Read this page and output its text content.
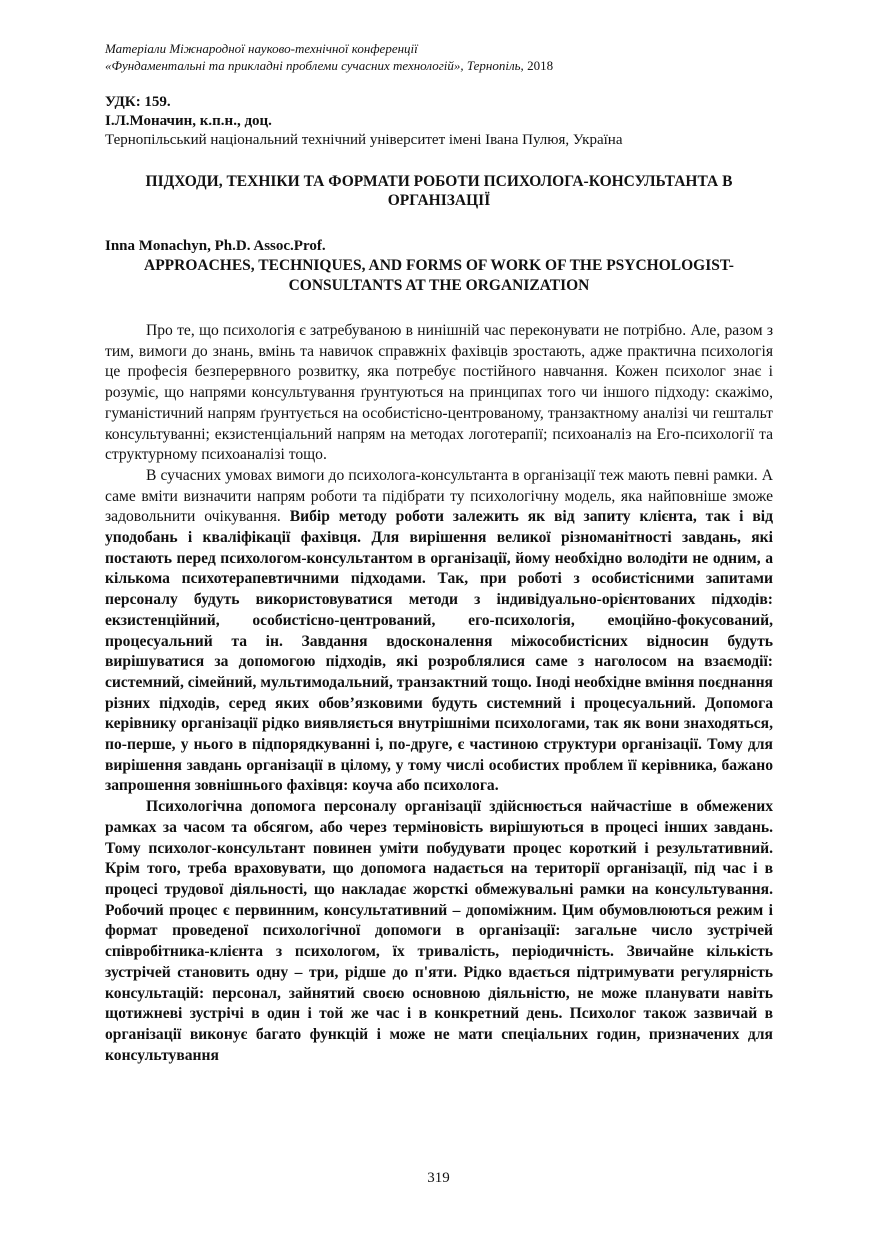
Матеріали Міжнародної науково-технічної конференції
«Фундаментальні та прикладні проблеми сучасних технологій», Тернопіль, 2018
УДК: 159.
І.Л.Моначин, к.п.н., доц.
Тернопільський національний технічний університет імені Івана Пулюя, Україна
ПІДХОДИ, ТЕХНІКИ ТА ФОРМАТИ РОБОТИ ПСИХОЛОГА-КОНСУЛЬТАНТА В ОРГАНІЗАЦІЇ
Inna Monachyn, Ph.D. Assoc.Prof.
APPROACHES, TECHNIQUES, AND FORMS OF WORK OF THE PSYCHOLOGIST-CONSULTANTS AT THE ORGANIZATION

Про те, що психологія є затребуваною в нинішній час переконувати не потрібно. Але, разом з тим, вимоги до знань, вмінь та навичок справжніх фахівців зростають, адже практична психологія це професія безперервного розвитку, яка потребує постійного навчання. Кожен психолог знає і розуміє, що напрями консультування ґрунтуються на принципах того чи іншого підходу: скажімо, гуманістичний напрям ґрунтується на особистісно-центрованому, транзактному аналізі чи гештальт консультуванні; екзистенціальний напрям на методах логотерапії; психоаналіз на Его-психології та структурному психоаналізі тощо.

В сучасних умовах вимоги до психолога-консультанта в організації теж мають певні рамки. А саме вміти визначити напрям роботи та підібрати ту психологічну модель, яка найповніше зможе задовольнити очікування. Вибір методу роботи залежить як від запиту клієнта, так і від уподобань і кваліфікації фахівця. Для вирішення великої різноманітності завдань, які постають перед психологом-консультантом в організації, йому необхідно володіти не одним, а кількома психотерапевтичними підходами. Так, при роботі з особистісними запитами персоналу будуть використовуватися методи з індивідуально-орієнтованих підходів: екзистенційний, особистісно-центрований, его-психологія, емоційно-фокусований, процесуальний та ін. Завдання вдосконалення міжособистісних відносин будуть вирішуватися за допомогою підходів, які розроблялися саме з наголосом на взаємодії: системний, сімейний, мультимодальний, транзактний тощо. Іноді необхідне вміння поєднання різних підходів, серед яких обов’язковими будуть системний і процесуальний. Допомога керівнику організації рідко виявляється внутрішніми психологами, так як вони знаходяться, по-перше, у нього в підпорядкуванні і, по-друге, є частиною структури організації. Тому для вирішення завдань організації в цілому, у тому числі особистих проблем її керівника, бажано запрошення зовнішнього фахівця: коуча або психолога.

Психологічна допомога персоналу організації здійснюється найчастіше в обмежених рамках за часом та обсягом, або через терміновість вирішуються в процесі інших завдань. Тому психолог-консультант повинен уміти побудувати процес короткий і результативний. Крім того, треба враховувати, що допомога надається на території організації, під час і в процесі трудової діяльності, що накладає жорсткі обмежувальні рамки на консультування. Робочий процес є первинним, консультативний – допоміжним. Цим обумовлюються режим і формат проведеної психологічної допомоги в організації: загальне число зустрічей співробітника-клієнта з психологом, їх тривалість, періодичність. Звичайне кількість зустрічей становить одну – три, рідше до п'яти. Рідко вдається підтримувати регулярність консультацій: персонал, зайнятий своєю основною діяльністю, не може планувати навіть щотижневі зустрічі в один і той же час і в конкретний день. Психолог також зазвичай в організації виконує багато функцій і може не мати спеціальних годин, призначених для консультування

319
